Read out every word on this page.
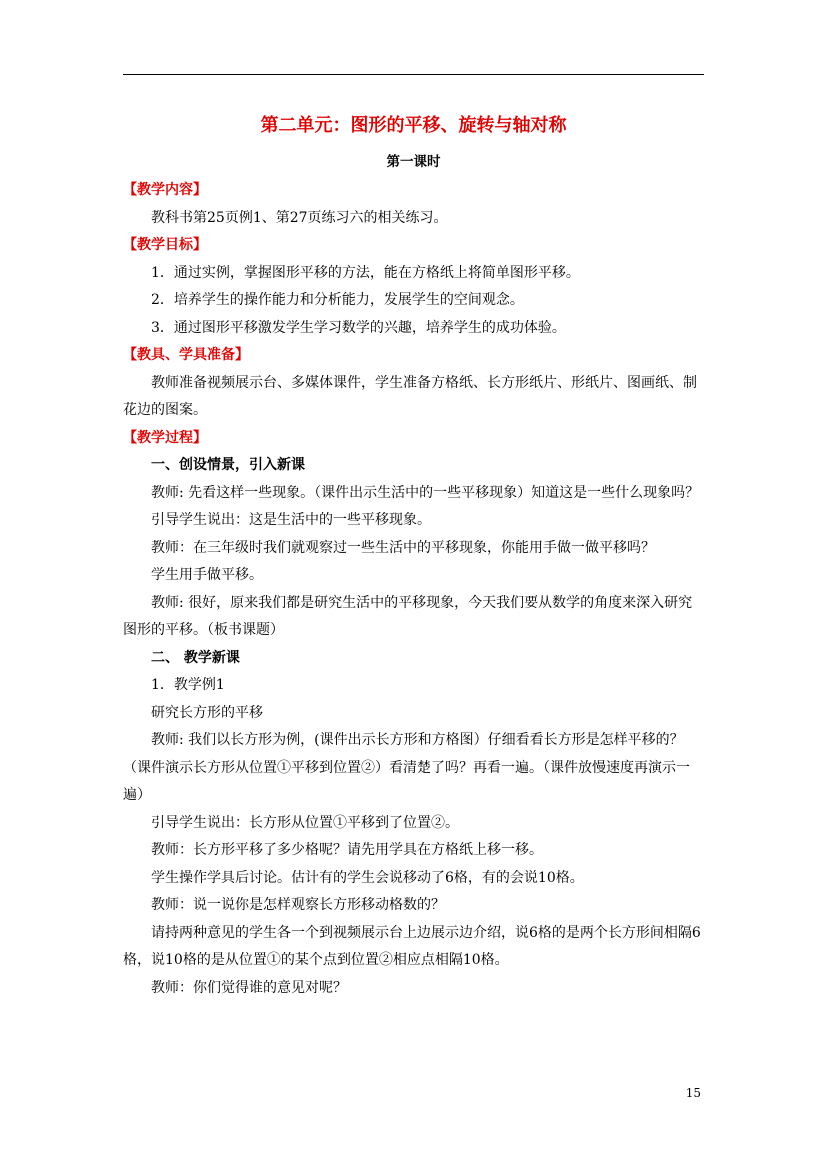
第二单元：图形的平移、旋转与轴对称
第一课时

【教学内容】

教科书第25页例1、第27页练习六的相关练习。

【教学目标】

1．通过实例，掌握图形平移的方法，能在方格纸上将简单图形平移。

2．培养学生的操作能力和分析能力，发展学生的空间观念。

3．通过图形平移激发学生学习数学的兴趣，培养学生的成功体验。

【教具、学具准备】

教师准备视频展示台、多媒体课件，学生准备方格纸、长方形纸片、形纸片、图画纸、制花边的图案。

【教学过程】

一、创设情景，引入新课

教师: 先看这样一些现象。（课件出示生活中的一些平移现象）知道这是一些什么现象吗？

引导学生说出：这是生活中的一些平移现象。

教师：在三年级时我们就观察过一些生活中的平移现象，你能用手做一做平移吗？

学生用手做平移。

教师: 很好，原来我们都是研究生活中的平移现象，今天我们要从数学的角度来深入研究图形的平移。（板书课题）

二、 教学新课

1．教学例1

研究长方形的平移

教师: 我们以长方形为例，(课件出示长方形和方格图）仔细看看长方形是怎样平移的？（课件演示长方形从位置①平移到位置②）看清楚了吗？再看一遍。（课件放慢速度再演示一遍）

引导学生说出：长方形从位置①平移到了位置②。

教师：长方形平移了多少格呢？请先用学具在方格纸上移一移。

学生操作学具后讨论。估计有的学生会说移动了6格，有的会说10格。

教师：说一说你是怎样观察长方形移动格数的？

请持两种意见的学生各一个到视频展示台上边展示边介绍，说6格的是两个长方形间相隔6格，说10格的是从位置①的某个点到位置②相应点相隔10格。

教师：你们觉得谁的意见对呢？

15
